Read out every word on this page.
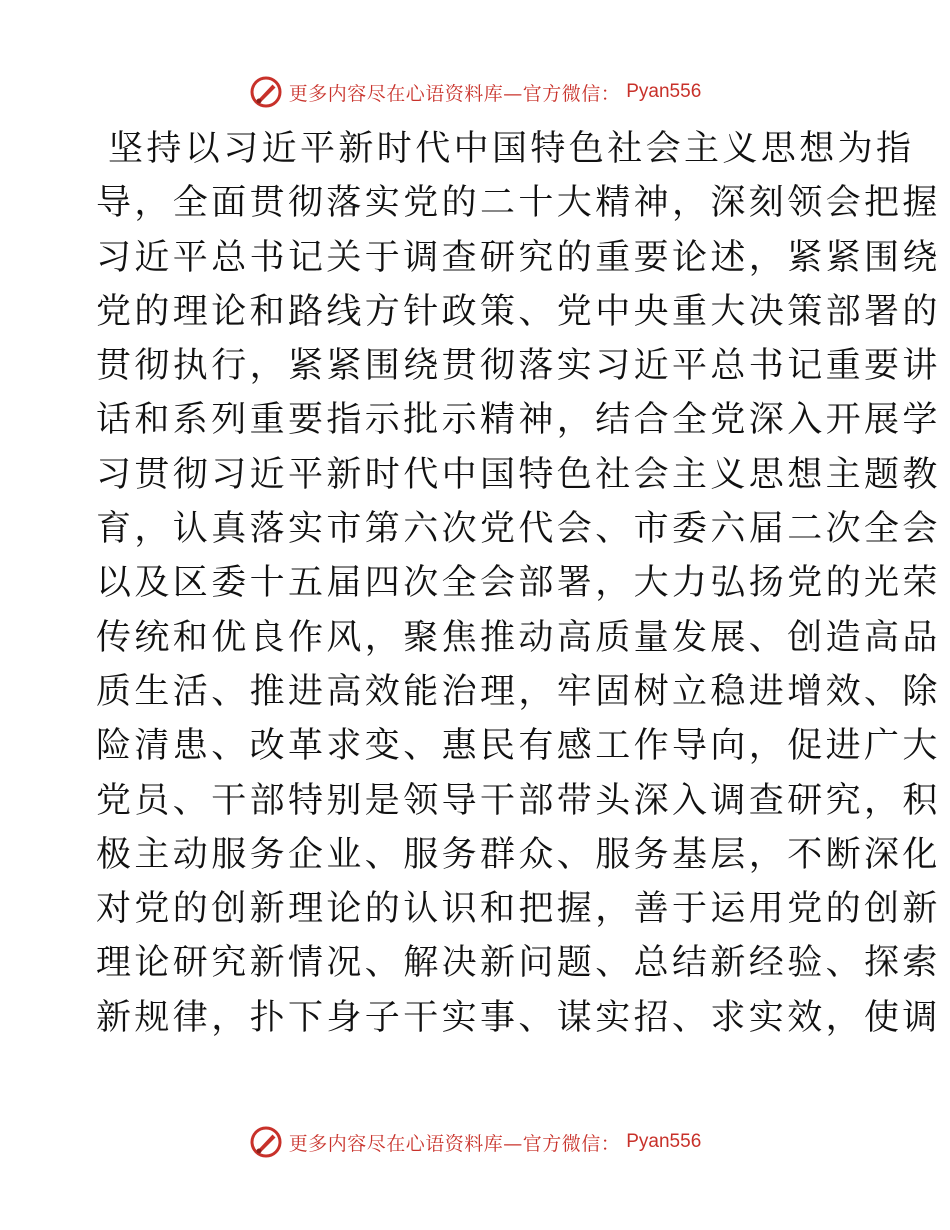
更多内容尽在心语资料库—官方微信： Pyan556
坚持以习近平新时代中国特色社会主义思想为指
导，全面贯彻落实党的二十大精神，深刻领会把握
习近平总书记关于调查研究的重要论述，紧紧围绕
党的理论和路线方针政策、党中央重大决策部署的
贯彻执行，紧紧围绕贯彻落实习近平总书记重要讲
话和系列重要指示批示精神，结合全党深入开展学
习贯彻习近平新时代中国特色社会主义思想主题教
育，认真落实市第六次党代会、市委六届二次全会
以及区委十五届四次全会部署，大力弘扬党的光荣
传统和优良作风，聚焦推动高质量发展、创造高品
质生活、推进高效能治理，牢固树立稳进增效、除
险清患、改革求变、惠民有感工作导向，促进广大
党员、干部特别是领导干部带头深入调查研究，积
极主动服务企业、服务群众、服务基层，不断深化
对党的创新理论的认识和把握，善于运用党的创新
理论研究新情况、解决新问题、总结新经验、探索
新规律，扑下身子干实事、谋实招、求实效，使调
更多内容尽在心语资料库—官方微信： Pyan556
